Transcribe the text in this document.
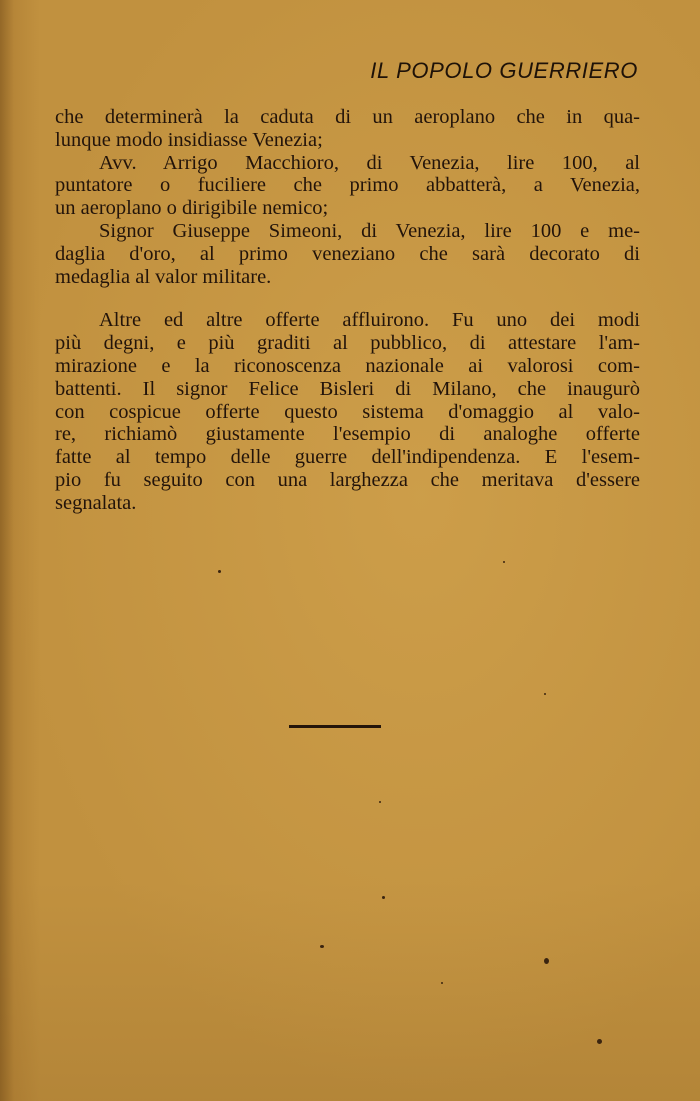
IL POPOLO GUERRIERO
che determinerà la caduta di un aeroplano che in qua-
lunque modo insidiasse Venezia;
Avv. Arrigo Macchioro, di Venezia, lire 100, al
puntatore o fuciliere che primo abbatterà, a Venezia,
un aeroplano o dirigibile nemico;
Signor Giuseppe Simeoni, di Venezia, lire 100 e me-
daglia d'oro, al primo veneziano che sarà decorato di
medaglia al valor militare.
Altre ed altre offerte affluirono. Fu uno dei modi
più degni, e più graditi al pubblico, di attestare l'am-
mirazione e la riconoscenza nazionale ai valorosi com-
battenti. Il signor Felice Bisleri di Milano, che inaugurò
con cospicue offerte questo sistema d'omaggio al valo-
re, richiamò giustamente l'esempio di analoghe offerte
fatte al tempo delle guerre dell'indipendenza. E l'esem-
pio fu seguito con una larghezza che meritava d'essere
segnalata.
